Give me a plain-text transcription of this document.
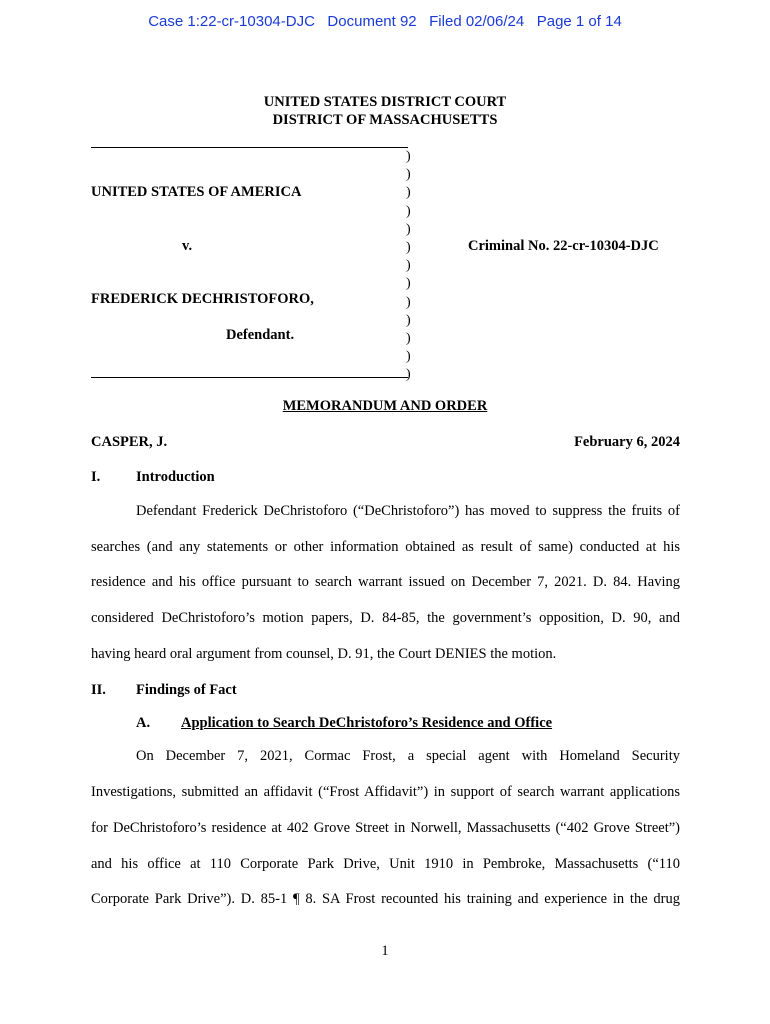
Case 1:22-cr-10304-DJC   Document 92   Filed 02/06/24   Page 1 of 14
UNITED STATES DISTRICT COURT
DISTRICT OF MASSACHUSETTS
)
)
)
)
)
)
)
)
)
)
)
)
)
UNITED STATES OF AMERICA
v.	Criminal No. 22-cr-10304-DJC
FREDERICK DECHRISTOFORO,
Defendant.
MEMORANDUM AND ORDER
CASPER, J.	February 6, 2024
I. Introduction
Defendant Frederick DeChristoforo (“DeChristoforo”) has moved to suppress the fruits of
searches (and any statements or other information obtained as result of same) conducted at his
residence and his office pursuant to search warrant issued on December 7, 2021. D. 84. Having
considered DeChristoforo’s motion papers, D. 84-85, the government’s opposition, D. 90, and
having heard oral argument from counsel, D. 91, the Court DENIES the motion.
II. Findings of Fact
A. Application to Search DeChristoforo’s Residence and Office
On December 7, 2021, Cormac Frost, a special agent with Homeland Security
Investigations, submitted an affidavit (“Frost Affidavit”) in support of search warrant applications
for DeChristoforo’s residence at 402 Grove Street in Norwell, Massachusetts (“402 Grove Street”)
and his office at 110 Corporate Park Drive, Unit 1910 in Pembroke, Massachusetts (“110
Corporate Park Drive”). D. 85-1 ¶ 8. SA Frost recounted his training and experience in the drug
1
